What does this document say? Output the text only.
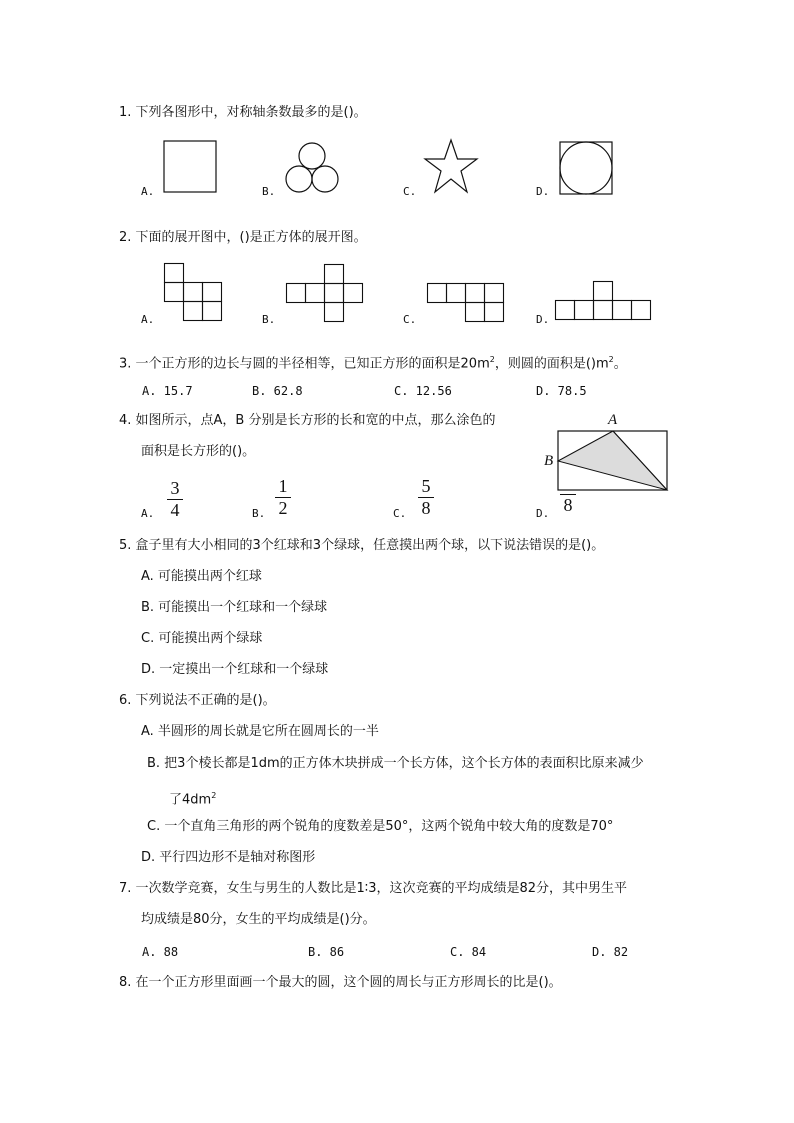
1. 下列各图形中，对称轴条数最多的是()。
A.	B.	C.	D.
2. 下面的展开图中，()是正方体的展开图。
A.	B.	C.	D.
3. 一个正方形的边长与圆的半径相等，已知正方形的面积是$20m^2$，则圆的面积是$()m^2$。
A. 15.7	B. 62.8	C. 12.56	D. 78.5
4. 如图所示，点A，B 分别是长方形的长和宽的中点，那么涂色的
面积是长方形的()。
A
B
A.
3
4	B.
1
2	C.
5
8	D. 8
5. 盒子里有大小相同的3个红球和3个绿球，任意摸出两个球，以下说法错误的是()。
A. 可能摸出两个红球
B. 可能摸出一个红球和一个绿球
C. 可能摸出两个绿球
D. 一定摸出一个红球和一个绿球
6. 下列说法不正确的是()。
A. 半圆形的周长就是它所在圆周长的一半
B. 把3个棱长都是1dm的正方体木块拼成一个长方体，这个长方体的表面积比原来减少
了$4dm^2$
C. 一个直角三角形的两个锐角的度数差是50°，这两个锐角中较大角的度数是70°
D. 平行四边形不是轴对称图形
7. 一次数学竞赛，女生与男生的人数比是1∶3，这次竞赛的平均成绩是82分，其中男生平
均成绩是80分，女生的平均成绩是()分。
A. 88	B. 86	C. 84	D. 82
8. 在一个正方形里面画一个最大的圆，这个圆的周长与正方形周长的比是()。
